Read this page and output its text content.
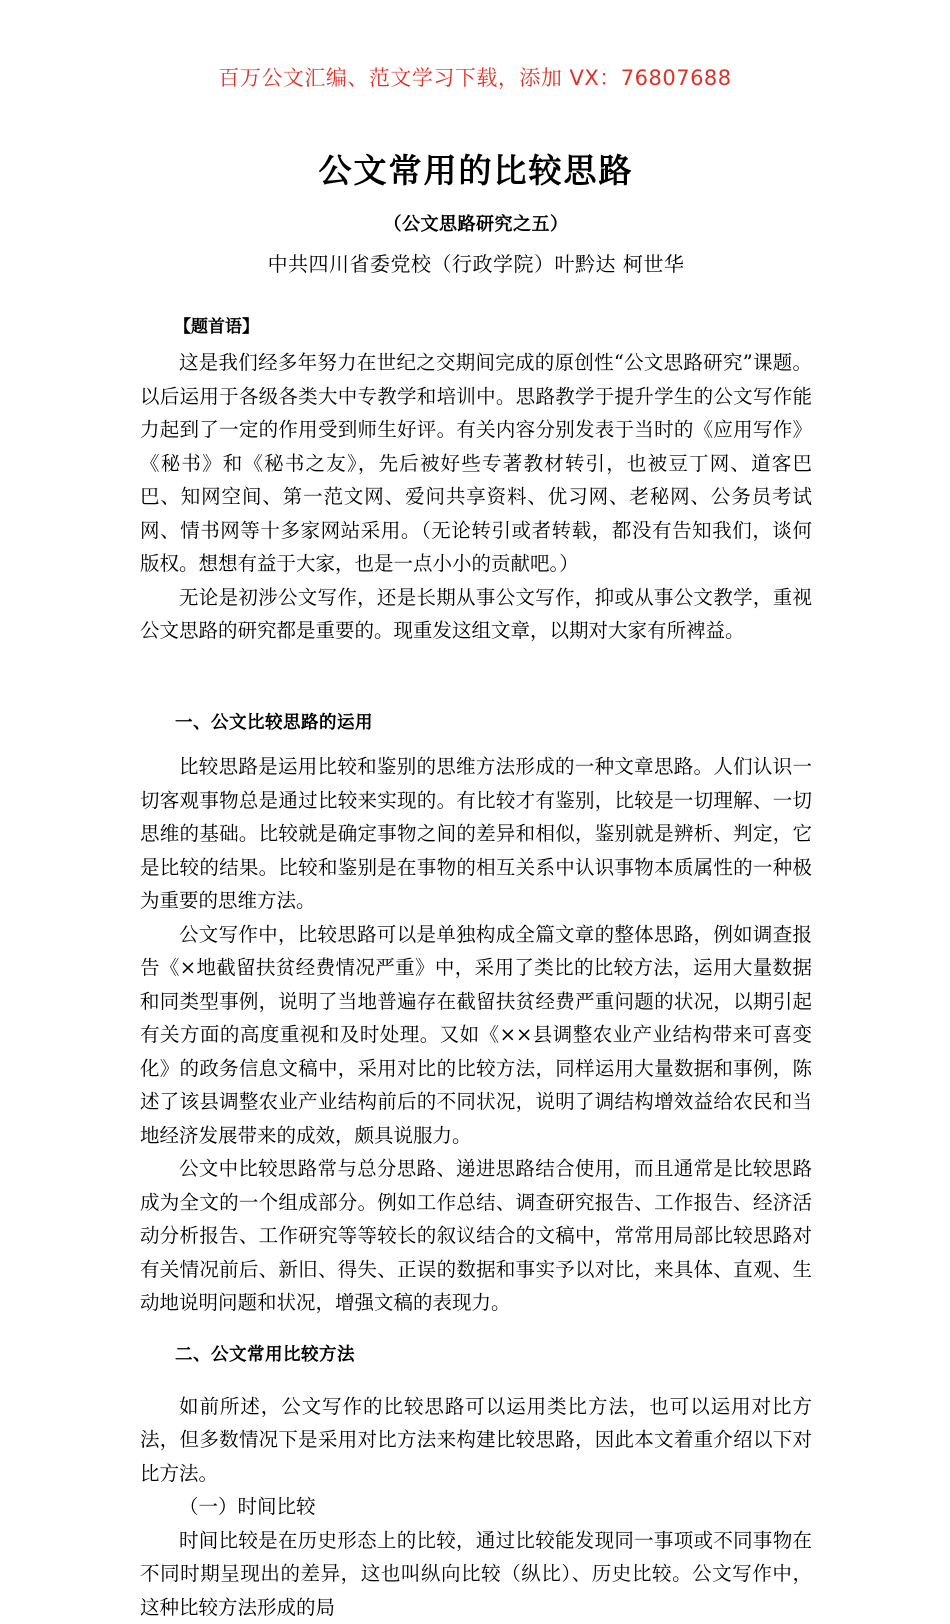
百万公文汇编、范文学习下载，添加 VX：76807688
公文常用的比较思路
（公文思路研究之五）
中共四川省委党校（行政学院）叶黔达 柯世华
【题首语】

这是我们经多年努力在世纪之交期间完成的原创性“公文思路研究”课题。以后运用于各级各类大中专教学和培训中。思路教学于提升学生的公文写作能力起到了一定的作用受到师生好评。有关内容分别发表于当时的《应用写作》《秘书》和《秘书之友》，先后被好些专著教材转引，也被豆丁网、道客巴巴、知网空间、第一范文网、爱问共享资料、优习网、老秘网、公务员考试网、情书网等十多家网站采用。（无论转引或者转载，都没有告知我们，谈何版权。想想有益于大家，也是一点小小的贡献吧。）

无论是初涉公文写作，还是长期从事公文写作，抑或从事公文教学，重视公文思路的研究都是重要的。现重发这组文章，以期对大家有所裨益。

一、公文比较思路的运用

比较思路是运用比较和鉴别的思维方法形成的一种文章思路。人们认识一切客观事物总是通过比较来实现的。有比较才有鉴别，比较是一切理解、一切思维的基础。比较就是确定事物之间的差异和相似，鉴别就是辨析、判定，它是比较的结果。比较和鉴别是在事物的相互关系中认识事物本质属性的一种极为重要的思维方法。

公文写作中，比较思路可以是单独构成全篇文章的整体思路，例如调查报告《×地截留扶贫经费情况严重》中，采用了类比的比较方法，运用大量数据和同类型事例，说明了当地普遍存在截留扶贫经费严重问题的状况，以期引起有关方面的高度重视和及时处理。又如《××县调整农业产业结构带来可喜变化》的政务信息文稿中，采用对比的比较方法，同样运用大量数据和事例，陈述了该县调整农业产业结构前后的不同状况，说明了调结构增效益给农民和当地经济发展带来的成效，颇具说服力。

公文中比较思路常与总分思路、递进思路结合使用，而且通常是比较思路成为全文的一个组成部分。例如工作总结、调查研究报告、工作报告、经济活动分析报告、工作研究等等较长的叙议结合的文稿中，常常用局部比较思路对有关情况前后、新旧、得失、正误的数据和事实予以对比，来具体、直观、生动地说明问题和状况，增强文稿的表现力。

二、公文常用比较方法

如前所述，公文写作的比较思路可以运用类比方法，也可以运用对比方法，但多数情况下是采用对比方法来构建比较思路，因此本文着重介绍以下对比方法。

（一）时间比较

时间比较是在历史形态上的比较，通过比较能发现同一事项或不同事物在不同时期呈现出的差异，这也叫纵向比较（纵比）、历史比较。公文写作中，这种比较方法形成的局
